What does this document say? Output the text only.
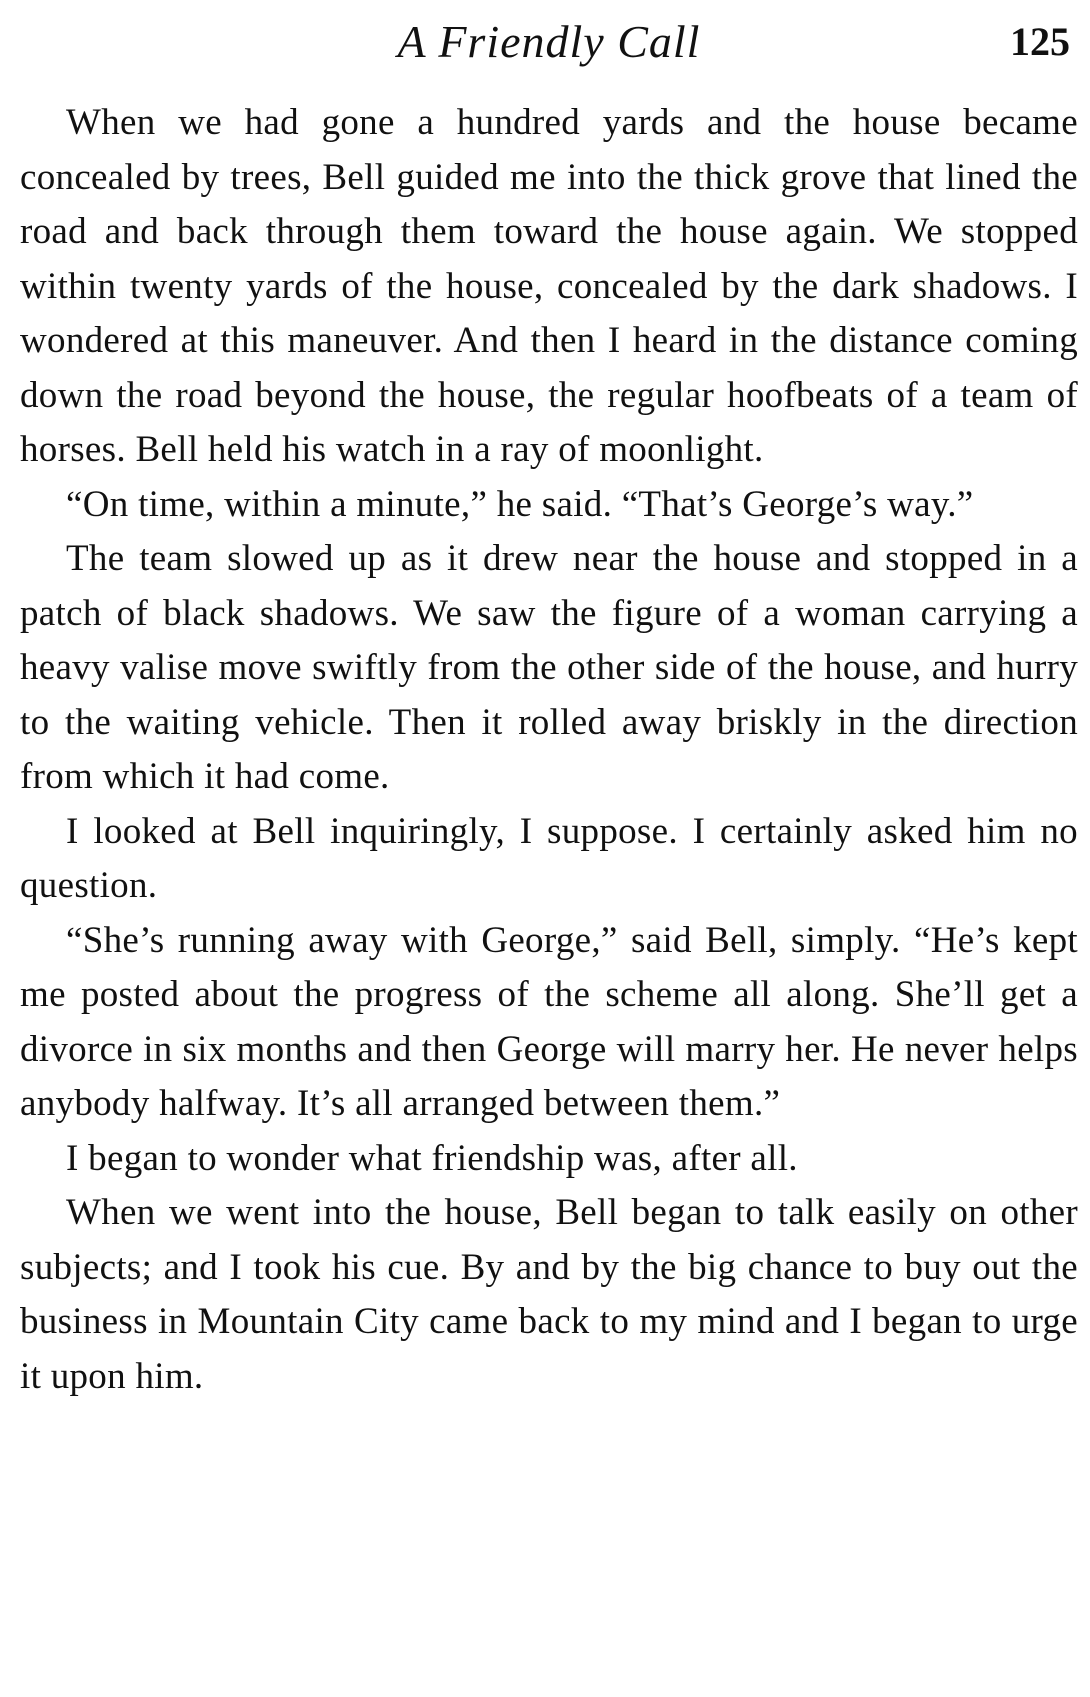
A Friendly Call	125

When we had gone a hundred yards and the house became concealed by trees, Bell guided me into the thick grove that lined the road and back through them toward the house again. We stopped within twenty yards of the house, concealed by the dark shadows. I wondered at this maneuver. And then I heard in the distance coming down the road beyond the house, the regular hoofbeats of a team of horses. Bell held his watch in a ray of moonlight.

“On time, within a minute,” he said. “That’s George’s way.”

The team slowed up as it drew near the house and stopped in a patch of black shadows. We saw the figure of a woman carrying a heavy valise move swiftly from the other side of the house, and hurry to the waiting vehicle. Then it rolled away briskly in the direction from which it had come.

I looked at Bell inquiringly, I suppose. I certainly asked him no question.

“She’s running away with George,” said Bell, simply. “He’s kept me posted about the progress of the scheme all along. She’ll get a divorce in six months and then George will marry her. He never helps anybody halfway. It’s all arranged between them.”

I began to wonder what friendship was, after all.

When we went into the house, Bell began to talk easily on other subjects; and I took his cue. By and by the big chance to buy out the business in Mountain City came back to my mind and I began to urge it upon him.
